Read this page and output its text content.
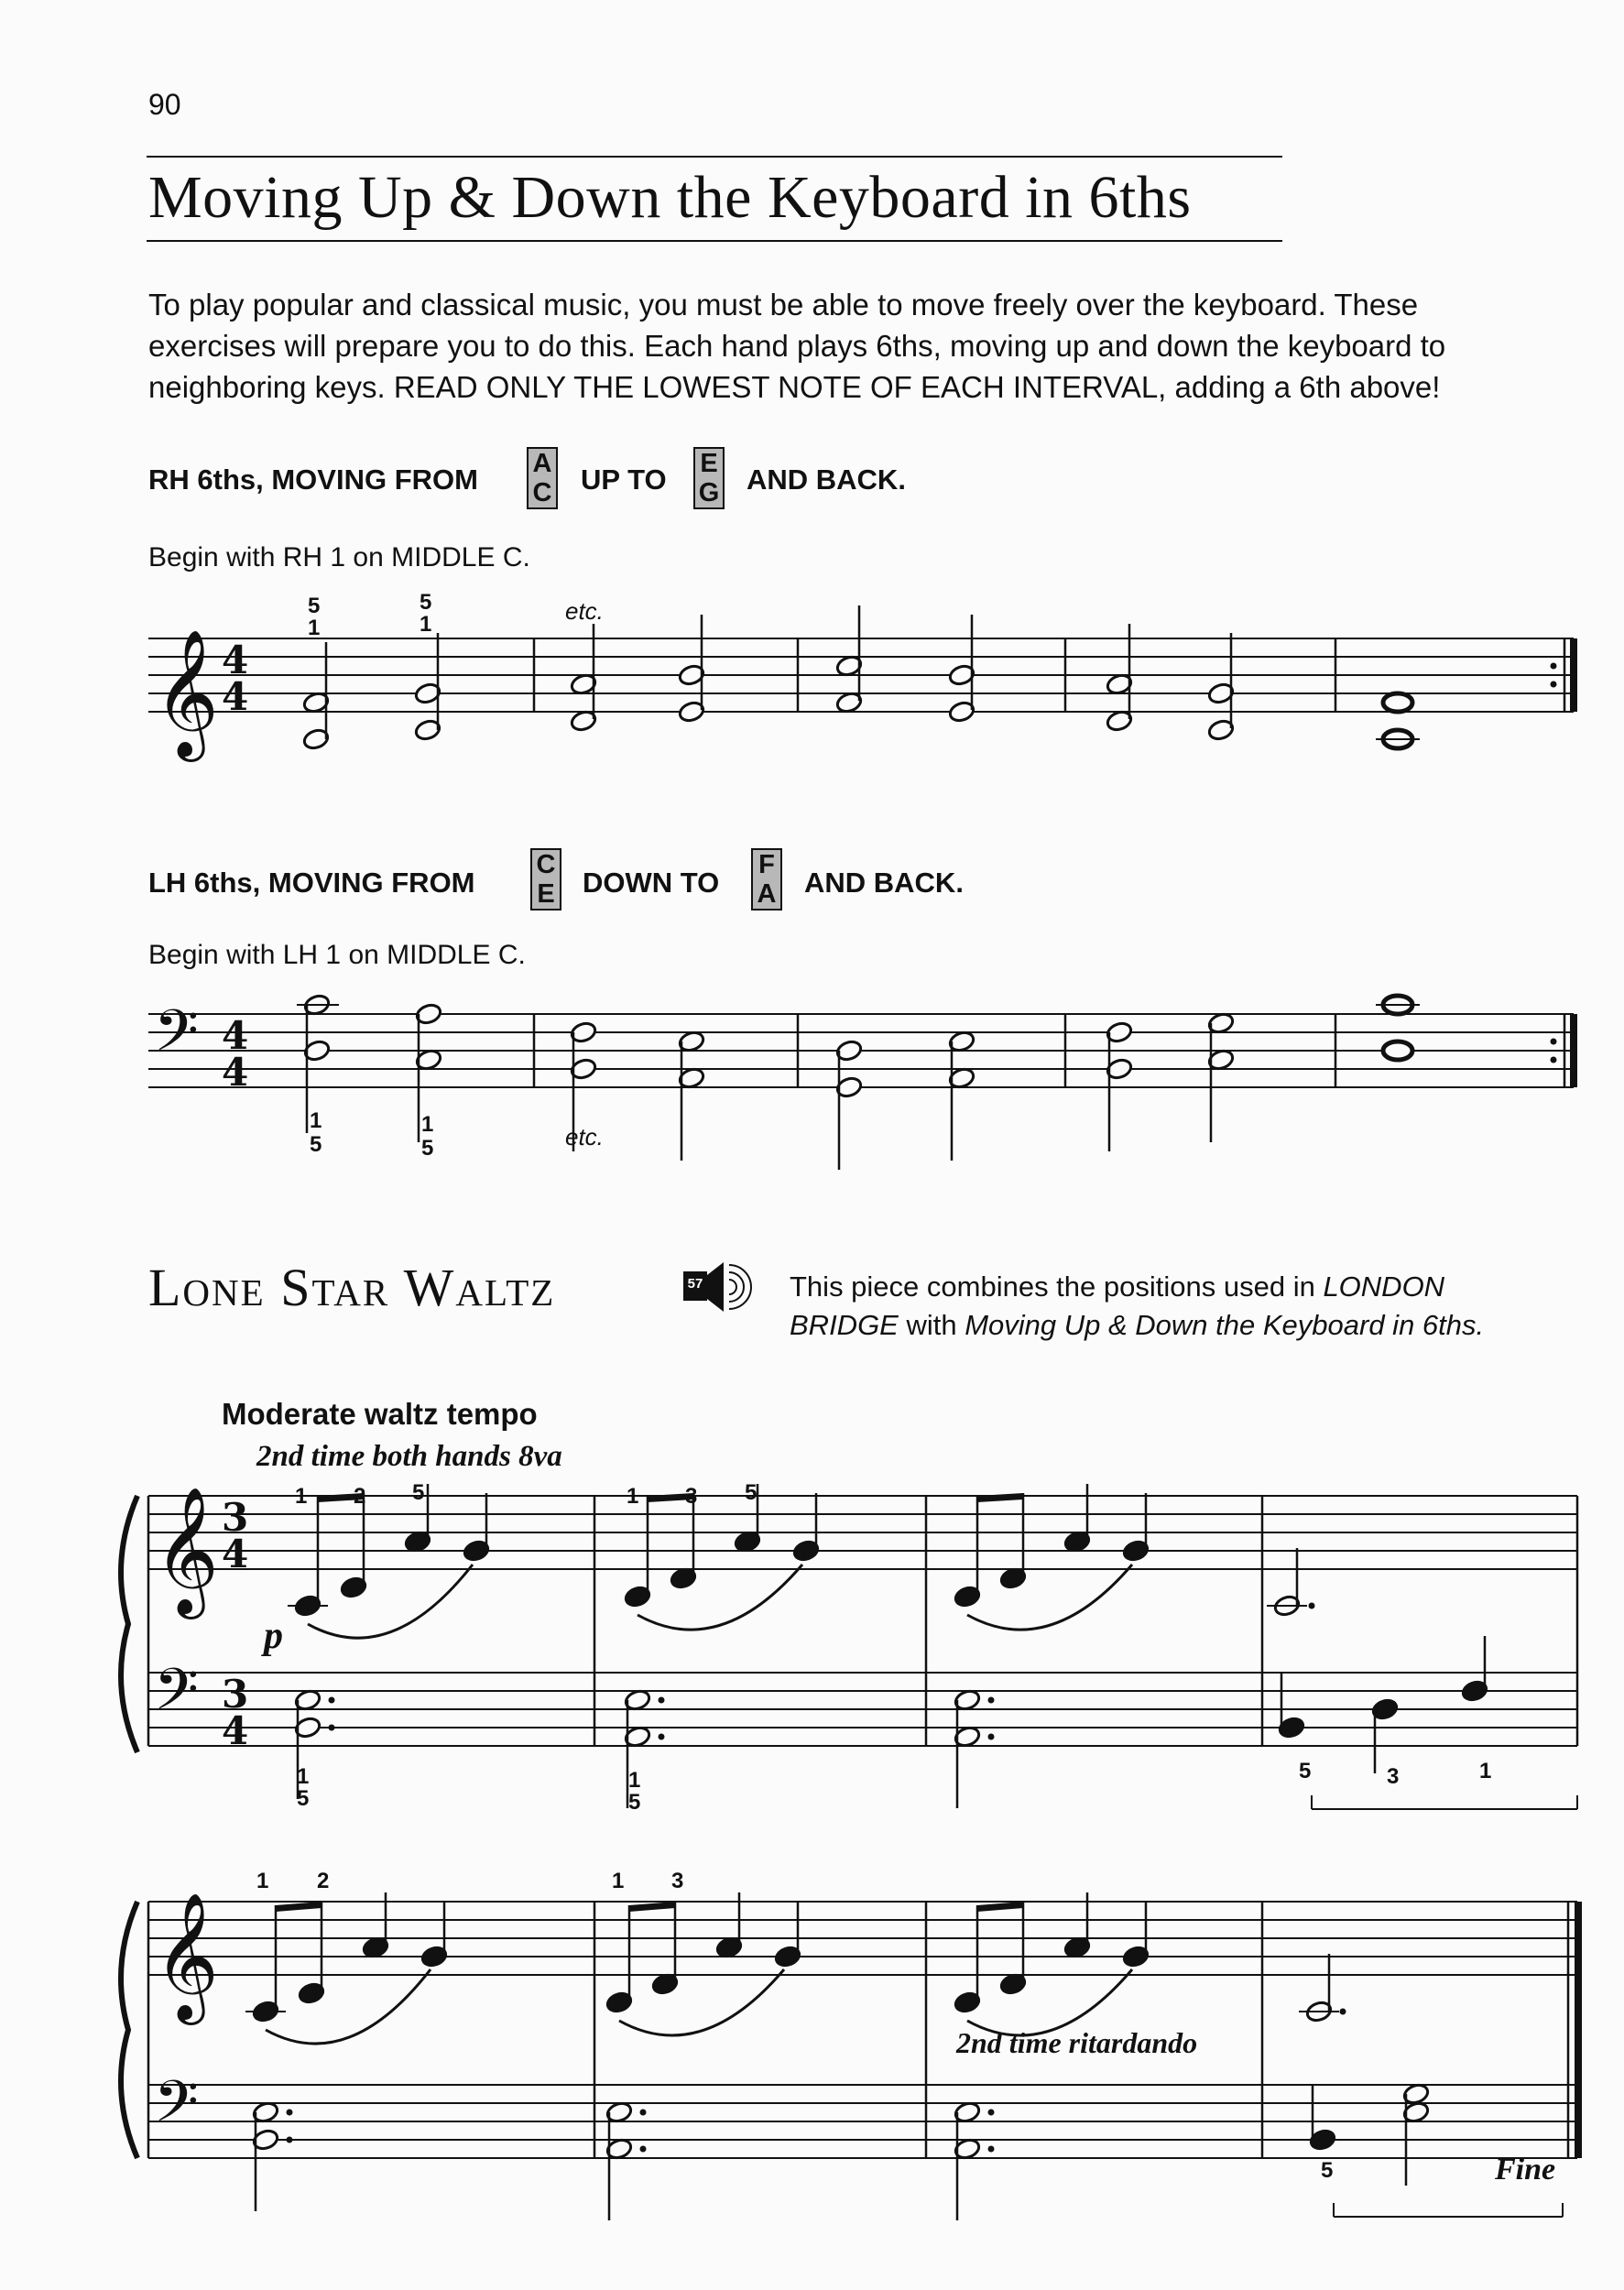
𝄞 4
4
𝄢 4
4
𝄞
𝄢
3
4
3
4
𝄞
𝄢
90
Moving Up & Down the Keyboard in 6ths
To play popular and classical music, you must be able to move freely over the keyboard. These
exercises will prepare you to do this. Each hand plays 6ths, moving up and down the keyboard to
neighboring keys. READ ONLY THE LOWEST NOTE OF EACH INTERVAL, adding a 6th above!
RH 6ths, MOVING FROM A
C UP TO E
G AND BACK.
Begin with RH 1 on MIDDLE C.
5
1
5
1	etc.
LH 6ths, MOVING FROM
C
E DOWN TO
F
A AND BACK.
Begin with LH 1 on MIDDLE C.
1
5
1
5	etc.
Lone Star Waltz	57	This piece combines the positions used in LONDON
BRIDGE with Moving Up & Down the Keyboard in 6ths.
Moderate waltz tempo
2nd time both hands 8va
1 2 5	1 3 5
p
1
5
1
5
5	3	1
1 2	1 3
2nd time ritardando
5	Fine
